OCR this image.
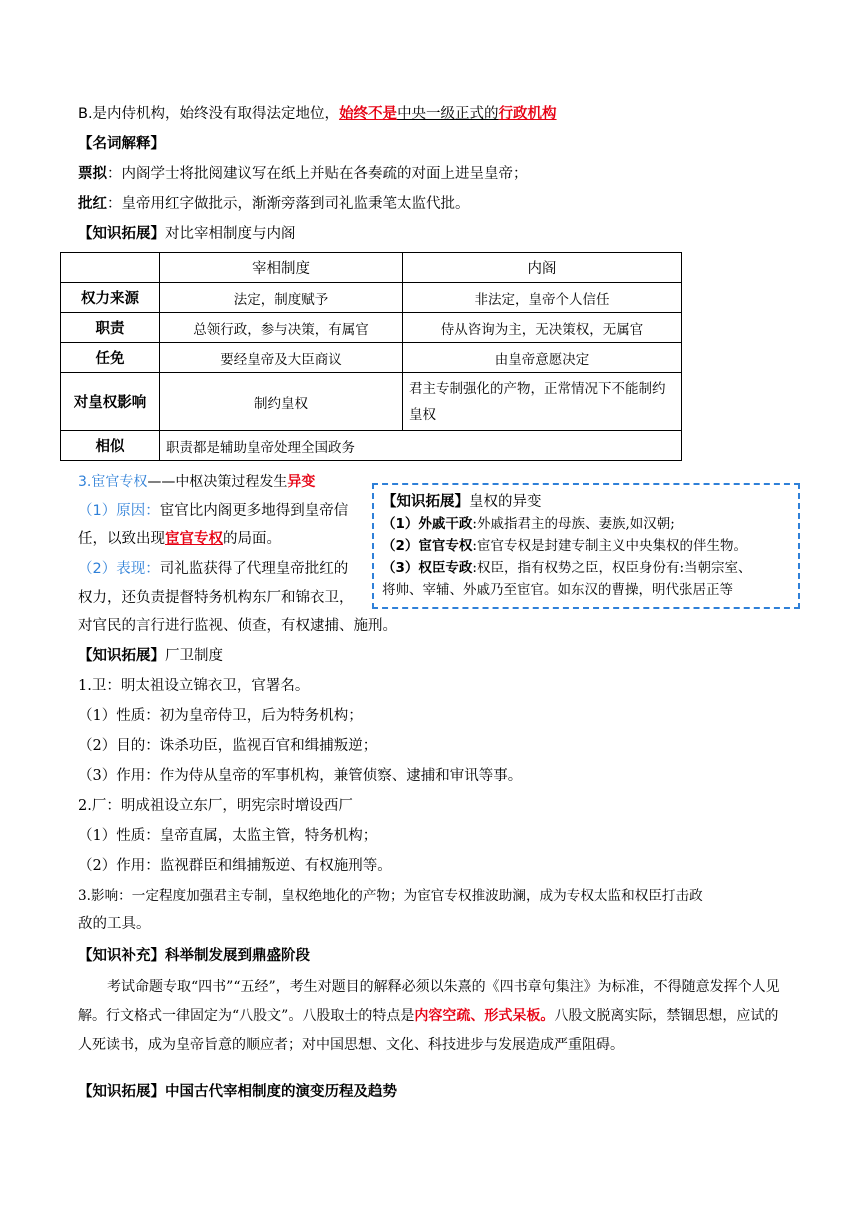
B.是内侍机构，始终没有取得法定地位，始终不是中央一级正式的行政机构
【名词解释】
票拟：内阁学士将批阅建议写在纸上并贴在各奏疏的对面上进呈皇帝；
批红：皇帝用红字做批示，渐渐旁落到司礼监秉笔太监代批。
【知识拓展】对比宰相制度与内阁
	宰相制度	内阁
权力来源	法定，制度赋予	非法定，皇帝个人信任
职责	总领行政，参与决策，有属官	侍从咨询为主，无决策权，无属官
任免	要经皇帝及大臣商议	由皇帝意愿决定
对皇权影响	制约皇权	君主专制强化的产物，正常情况下不能制约皇权
相似	职责都是辅助皇帝处理全国政务	
3.宦官专权——中枢决策过程发生异变
（1）原因：宦官比内阁更多地得到皇帝信
任，以致出现宦官专权的局面。
（2）表现：司礼监获得了代理皇帝批红的
权力，还负责提督特务机构东厂和锦衣卫，
对官民的言行进行监视、侦查，有权逮捕、施刑。
【知识拓展】皇权的异变
（1）外戚干政:外戚指君主的母族、妻族,如汉朝;
（2）宦官专权:宦官专权是封建专制主义中央集权的伴生物。
（3）权臣专政:权臣，指有权势之臣，权臣身份有:当朝宗室、
将帅、宰辅、外戚乃至宦官。如东汉的曹操，明代张居正等
【知识拓展】厂卫制度
1.卫：明太祖设立锦衣卫，官署名。
（1）性质：初为皇帝侍卫，后为特务机构；
（2）目的：诛杀功臣，监视百官和缉捕叛逆；
（3）作用：作为侍从皇帝的军事机构，兼管侦察、逮捕和审讯等事。
2.厂：明成祖设立东厂，明宪宗时增设西厂
（1）性质：皇帝直属，太监主管，特务机构；
（2）作用：监视群臣和缉捕叛逆、有权施刑等。
3.影响：一定程度加强君主专制，皇权绝地化的产物；为宦官专权推波助澜，成为专权太监和权臣打击政
敌的工具。
【知识补充】科举制发展到鼎盛阶段
考试命题专取“四书”“五经”，考生对题目的解释必须以朱熹的《四书章句集注》为标准，不得随意发挥个人见解。行文格式一律固定为“八股文”。八股取士的特点是内容空疏、形式呆板。八股文脱离实际，禁锢思想，应试的人死读书，成为皇帝旨意的顺应者；对中国思想、文化、科技进步与发展造成严重阻碍。
【知识拓展】中国古代宰相制度的演变历程及趋势
